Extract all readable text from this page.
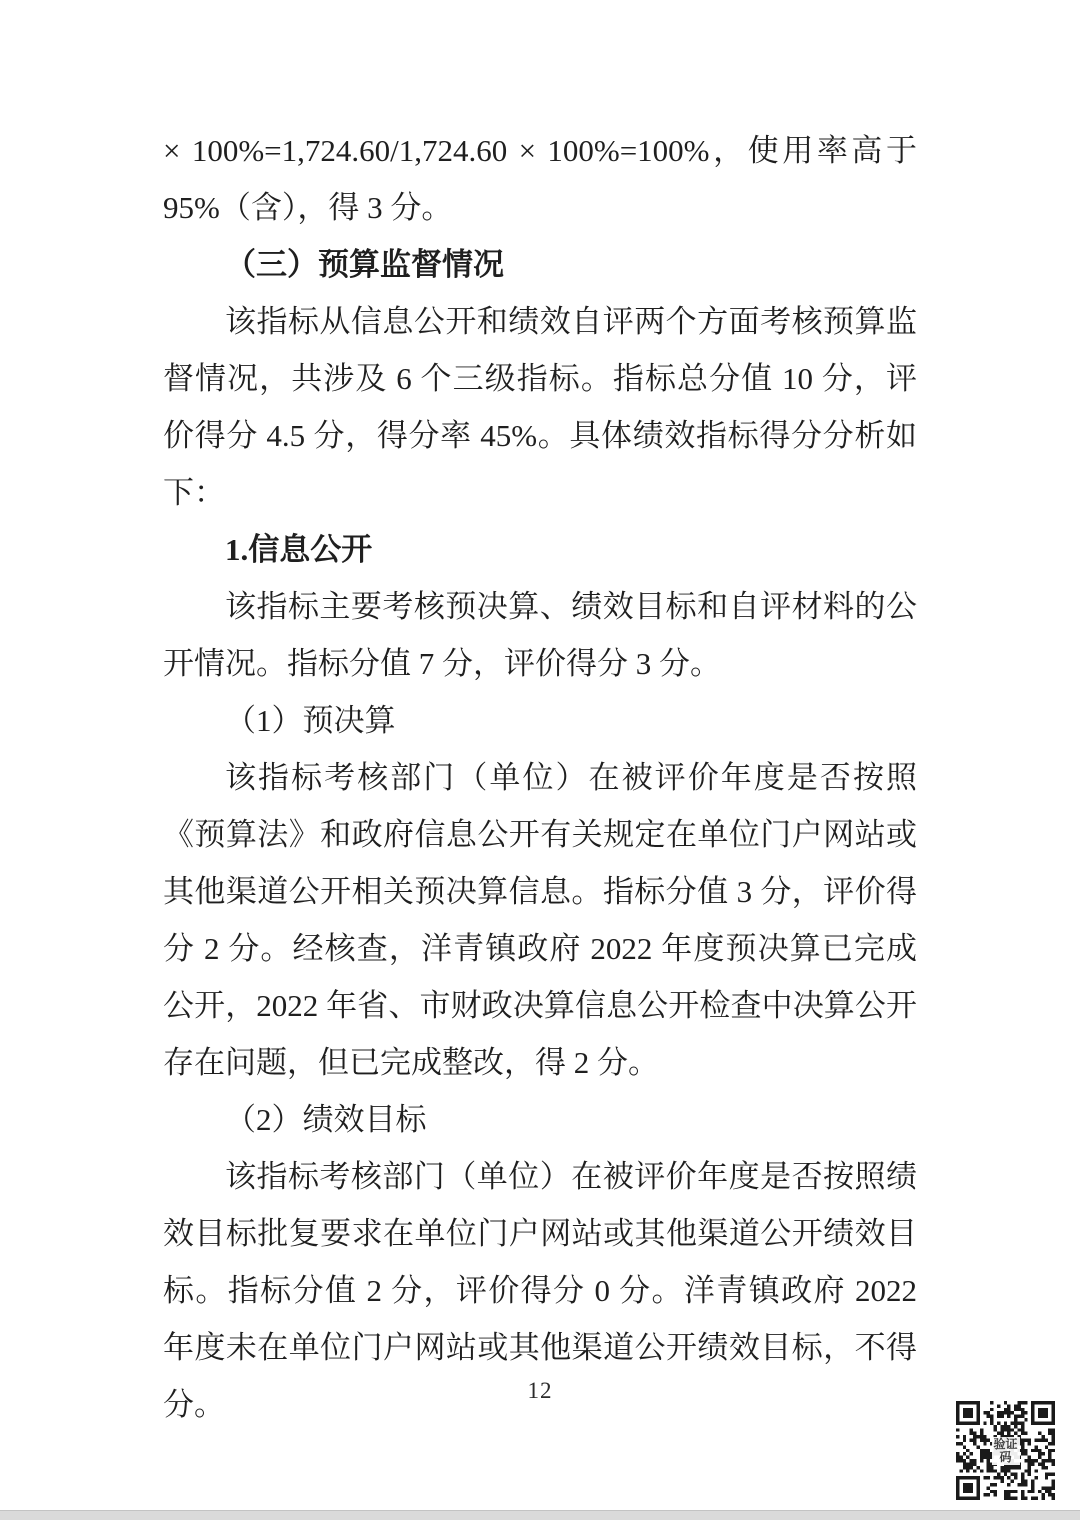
× 100%=1,724.60/1,724.60 × 100%=100%，使用率高于 95%（含），得 3 分。

（三）预算监督情况

该指标从信息公开和绩效自评两个方面考核预算监督情况，共涉及 6 个三级指标。指标总分值 10 分，评价得分 4.5 分，得分率 45%。具体绩效指标得分分析如下：

1.信息公开

该指标主要考核预决算、绩效目标和自评材料的公开情况。指标分值 7 分，评价得分 3 分。

（1）预决算

该指标考核部门（单位）在被评价年度是否按照《预算法》和政府信息公开有关规定在单位门户网站或其他渠道公开相关预决算信息。指标分值 3 分，评价得分 2 分。经核查，洋青镇政府 2022 年度预决算已完成公开，2022 年省、市财政决算信息公开检查中决算公开存在问题，但已完成整改，得 2 分。

（2）绩效目标

该指标考核部门（单位）在被评价年度是否按照绩效目标批复要求在单位门户网站或其他渠道公开绩效目标。指标分值 2 分，评价得分 0 分。洋青镇政府 2022 年度未在单位门户网站或其他渠道公开绩效目标，不得分。	12
验证
码
